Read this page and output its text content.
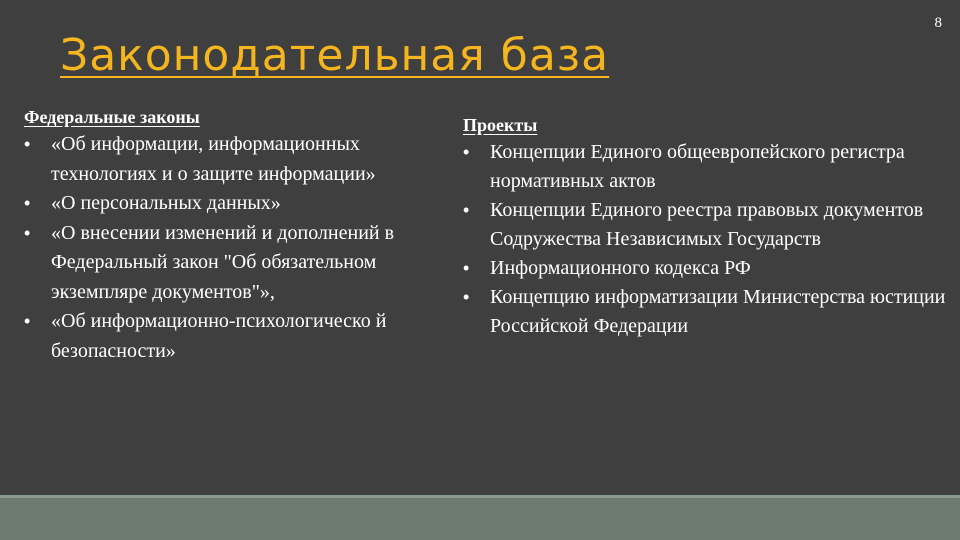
Законодательная база
8
Федеральные законы
• «Об информации, информационных технологиях и о защите информации»
• «О персональных данных»
• «О внесении изменений и дополнений в Федеральный закон "Об обязательном экземпляре документов"»,
• «Об информационно-психологическо й безопасности»
Проекты
• Концепции Единого общеевропейского регистра нормативных актов
• Концепции Единого реестра правовых документов Содружества Независимых Государств
• Информационного кодекса РФ
• Концепцию информатизации Министерства юстиции Российской Федерации
